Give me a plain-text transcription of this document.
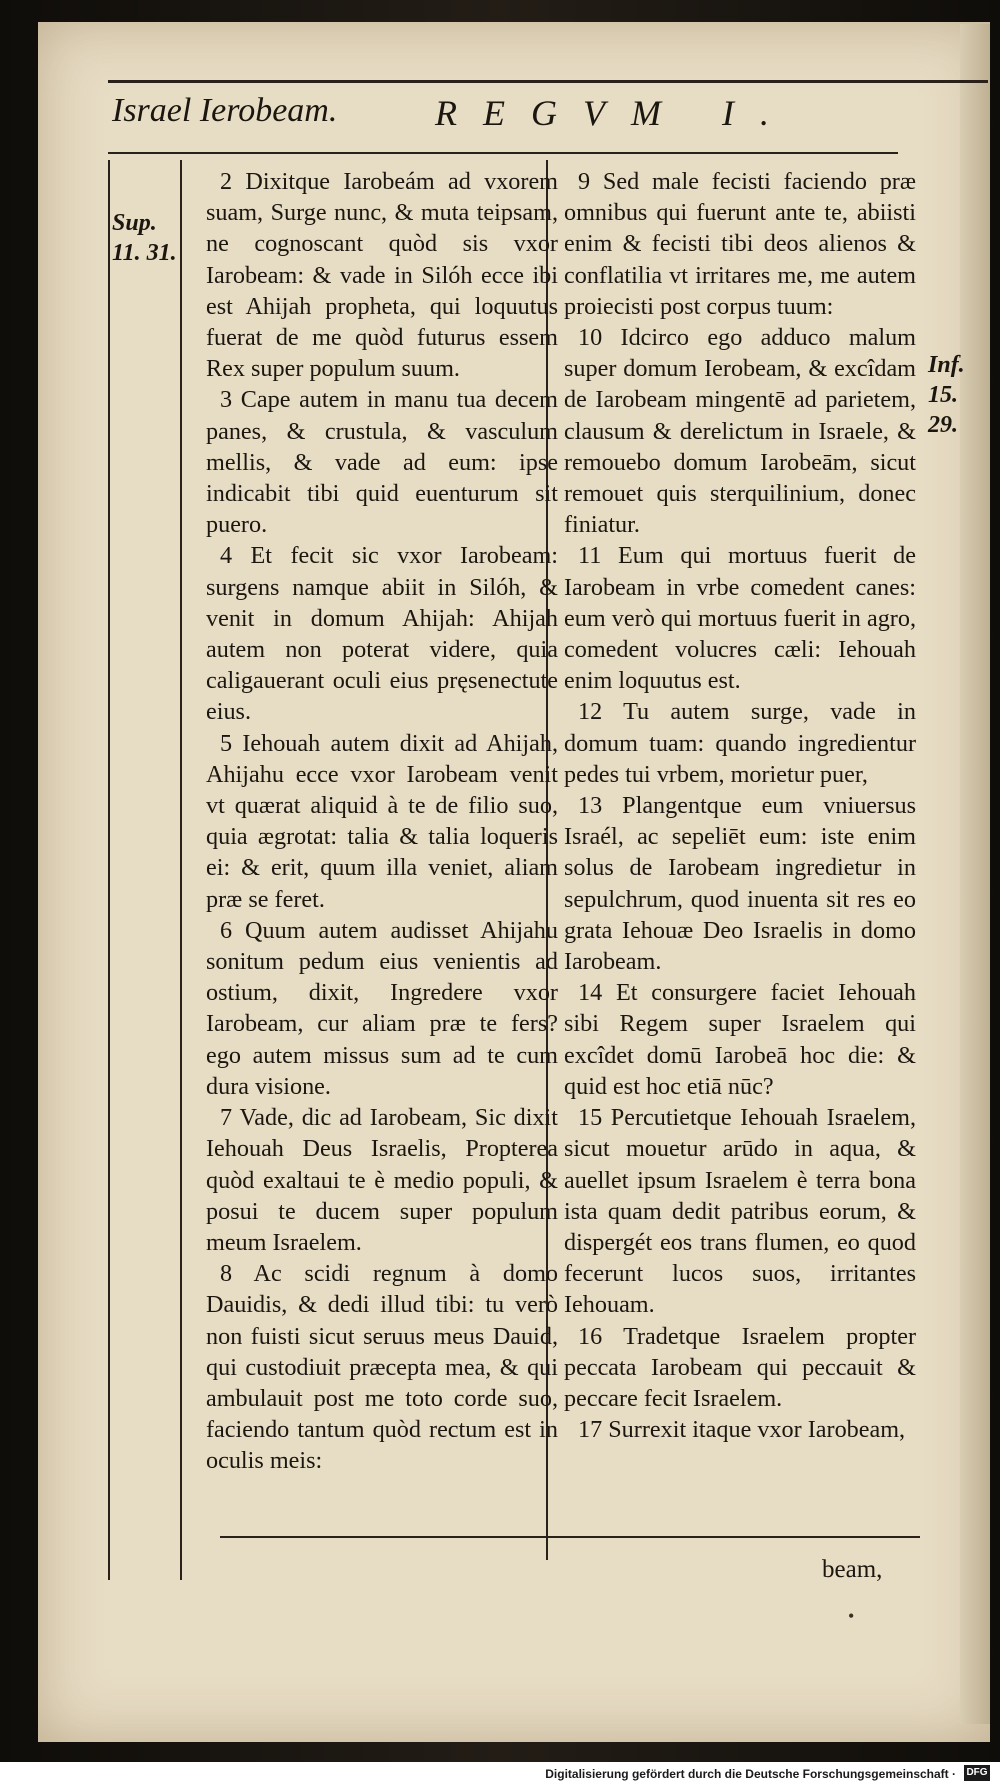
Israel Ierobeam.	REGVM I.
Sup. 11. 31.
Inf. 15. 29.

2 Dixitque Iarobeám ad vxorem suam, Surge nunc, & muta teipsam, ne cognoscant quòd sis vxor Iarobeam: & vade in Silóh ecce ibi est Ahijah propheta, qui loquutus fuerat de me quòd futurus essem Rex super populum suum.

3 Cape autem in manu tua decem panes, & crustula, & vasculum mellis, & vade ad eum: ipse indicabit tibi quid euenturum sit puero.

4 Et fecit sic vxor Iarobeam: surgens namque abiit in Silóh, & venit in domum Ahijah: Ahijah autem non poterat videre, quia caligauerant oculi eius pręsenectute eius.

5 Iehouah autem dixit ad Ahijah, Ahijahu ecce vxor Iarobeam venit vt quærat aliquid à te de filio suo, quia ægrotat: talia & talia loqueris ei: & erit, quum illa veniet, aliam præ se feret.

6 Quum autem audisset Ahijahu sonitum pedum eius venientis ad ostium, dixit, Ingredere vxor Iarobeam, cur aliam præ te fers? ego autem missus sum ad te cum dura visione.

7 Vade, dic ad Iarobeam, Sic dixit Iehouah Deus Israelis, Propterea quòd exaltaui te è medio populi, & posui te ducem super populum meum Israelem.

8 Ac scidi regnum à domo Dauidis, & dedi illud tibi: tu verò non fuisti sicut seruus meus Dauid, qui custodiuit præcepta mea, & qui ambulauit post me toto corde suo, faciendo tantum quòd rectum est in oculis meis:

9 Sed male fecisti faciendo præ omnibus qui fuerunt ante te, abiisti enim & fecisti tibi deos alienos & conflatilia vt irritares me, me autem proiecisti post corpus tuum:

10 Idcirco ego adduco malum super domum Ierobeam, & excîdam de Iarobeam mingentē ad parietem, clausum & derelictum in Israele, & remouebo domum Iarobeām, sicut remouet quis sterquilinium, donec finiatur.

11 Eum qui mortuus fuerit de Iarobeam in vrbe comedent canes: eum verò qui mortuus fuerit in agro, comedent volucres cæli: Iehouah enim loquutus est.

12 Tu autem surge, vade in domum tuam: quando ingredientur pedes tui vrbem, morietur puer,

13 Plangentque eum vniuersus Israél, ac sepeliēt eum: iste enim solus de Iarobeam ingredietur in sepulchrum, quod inuenta sit res eo grata Iehouæ Deo Israelis in domo Iarobeam.

14 Et consurgere faciet Iehouah sibi Regem super Israelem qui excîdet domū Iarobeā hoc die: & quid est hoc etiā nūc?

15 Percutietque Iehouah Israelem, sicut mouetur arūdo in aqua, & auellet ipsum Israelem è terra bona ista quam dedit patribus eorum, & dispergét eos trans flumen, eo quod fecerunt lucos suos, irritantes Iehouam.

16 Tradetque Israelem propter peccata Iarobeam qui peccauit & peccare fecit Israelem.

17 Surrexit itaque vxor Iarobeam,

beam,
•
Digitalisierung gefördert durch die Deutsche Forschungsgemeinschaft · DFG
